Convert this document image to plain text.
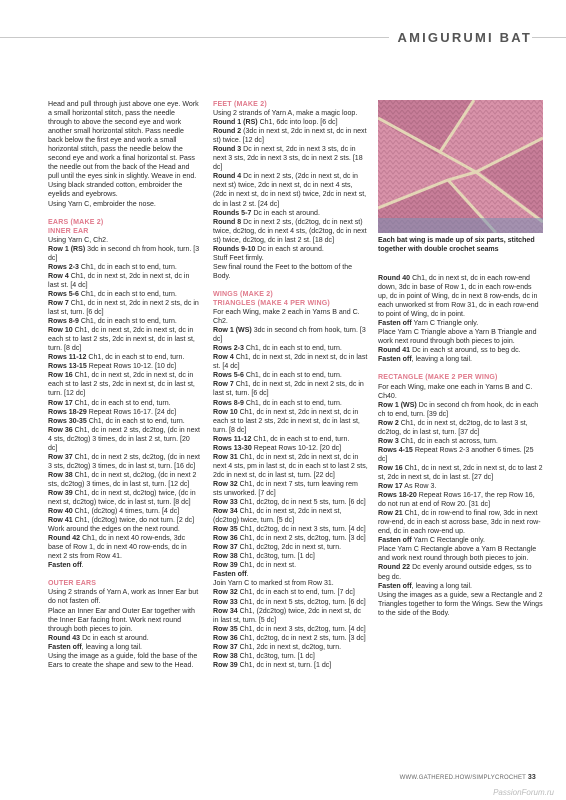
AMIGURUMI BAT

Head and pull through just above one eye. Work a small horizontal stitch, pass the needle through to above the second eye and work another small horizontal stitch. Pass needle back below the first eye and work a small horizontal stitch, pass the needle below the second eye and work a final horizontal st. Pass the needle out from the back of the Head and pull until the eyes sink in slightly. Weave in end. Using black stranded cotton, embroider the eyelids and eyebrows.

Using Yarn C, embroider the nose.

EARS (MAKE 2)

INNER EAR

Using Yarn C, Ch2.

Row 1 (RS) 3dc in second ch from hook, turn. [3 dc]

Rows 2-3 Ch1, dc in each st to end, turn.

Row 4 Ch1, dc in next st, 2dc in next st, dc in last st. [4 dc]

Rows 5-6 Ch1, dc in each st to end, turn.

Row 7 Ch1, dc in next st, 2dc in next 2 sts, dc in last st, turn. [6 dc]

Rows 8-9 Ch1, dc in each st to end, turn.

Row 10 Ch1, dc in next st, 2dc in next st, dc in each st to last 2 sts, 2dc in next st, dc in last st, turn. [8 dc]

Rows 11-12 Ch1, dc in each st to end, turn.

Rows 13-15 Repeat Rows 10-12. [10 dc]

Row 16 Ch1, dc in next st, 2dc in next st, dc in each st to last 2 sts, 2dc in next st, dc in last st, turn. [12 dc]

Row 17 Ch1, dc in each st to end, turn.

Rows 18-29 Repeat Rows 16-17. [24 dc]

Rows 30-35 Ch1, dc in each st to end, turn.

Row 36 Ch1, dc in next 2 sts, dc2tog, (dc in next 4 sts, dc2tog) 3 times, dc in last 2 st, turn. [20 dc]

Row 37 Ch1, dc in next 2 sts, dc2tog, (dc in next 3 sts, dc2tog) 3 times, dc in last st, turn. [16 dc]

Row 38 Ch1, dc in next st, dc2tog, (dc in next 2 sts, dc2tog) 3 times, dc in last st, turn. [12 dc]

Row 39 Ch1, dc in next st, dc2tog) twice, (dc in next st, dc2tog) twice, dc in last st, turn. [8 dc]

Row 40 Ch1, (dc2tog) 4 times, turn. [4 dc]

Row 41 Ch1, (dc2tog) twice, do not turn. [2 dc]

Work around the edges on the next round.

Round 42 Ch1, dc in next 40 row-ends, 3dc base of Row 1, dc in next 40 row-ends, dc in next 2 sts from Row 41.

Fasten off.

OUTER EARS

Using 2 strands of Yarn A, work as Inner Ear but do not fasten off.

Place an Inner Ear and Outer Ear together with the Inner Ear facing front. Work next round through both pieces to join.

Round 43 Dc in each st around.

Fasten off, leaving a long tail.

Using the image as a guide, fold the base of the Ears to create the shape and sew to the Head.

FEET (MAKE 2)

Using 2 strands of Yarn A, make a magic loop.

Round 1 (RS) Ch1, 6dc into loop. [6 dc]

Round 2 (3dc in next st, 2dc in next st, dc in next st) twice. [12 dc]

Round 3 Dc in next st, 2dc in next 3 sts, dc in next 3 sts, 2dc in next 3 sts, dc in next 2 sts. [18 dc]

Round 4 Dc in next 2 sts, (2dc in next st, dc in next st) twice, 2dc in next st, dc in next 4 sts, (2dc in next st, dc in next st) twice, 2dc in next st, dc in last 2 st. [24 dc]

Rounds 5-7 Dc in each st around.

Round 8 Dc in next 2 sts, (dc2tog, dc in next st) twice, dc2tog, dc in next 4 sts, (dc2tog, dc in next st) twice, dc2tog, dc in last 2 st. [18 dc]

Rounds 9-10 Dc in each st around.

Stuff Feet firmly.

Sew final round the Feet to the bottom of the Body.

WINGS (MAKE 2)

TRIANGLES (MAKE 4 PER WING)

For each Wing, make 2 each in Yarns B and C.

Ch2.

Row 1 (WS) 3dc in second ch from hook, turn. [3 dc]

Rows 2-3 Ch1, dc in each st to end, turn.

Row 4 Ch1, dc in next st, 2dc in next st, dc in last st. [4 dc]

Rows 5-6 Ch1, dc in each st to end, turn.

Row 7 Ch1, dc in next st, 2dc in next 2 sts, dc in last st, turn. [6 dc]

Rows 8-9 Ch1, dc in each st to end, turn.

Row 10 Ch1, dc in next st, 2dc in next st, dc in each st to last 2 sts, 2dc in next st, dc in last st, turn. [8 dc]

Rows 11-12 Ch1, dc in each st to end, turn.

Rows 13-30 Repeat Rows 10-12. [20 dc]

Row 31 Ch1, dc in next st, 2dc in next st, dc in next 4 sts, pm in last st, dc in each st to last 2 sts, 2dc in next st, dc in last st, turn. [22 dc]

Row 32 Ch1, dc in next 7 sts, turn leaving rem sts unworked. [7 dc]

Row 33 Ch1, dc2tog, dc in next 5 sts, turn. [6 dc]

Row 34 Ch1, dc in next st, 2dc in next st, (dc2tog) twice, turn. [5 dc]

Row 35 Ch1, dc2tog, dc in next 3 sts, turn. [4 dc]

Row 36 Ch1, dc in next 2 sts, dc2tog, turn. [3 dc]

Row 37 Ch1, dc2tog, 2dc in next st, turn.

Row 38 Ch1, dc3tog, turn. [1 dc]

Row 39 Ch1, dc in next st.

Fasten off.

Join Yarn C to marked st from Row 31.

Row 32 Ch1, dc in each st to end, turn. [7 dc]

Row 33 Ch1, dc in next 5 sts, dc2tog, turn. [6 dc]

Row 34 Ch1, (2dc2tog) twice, 2dc in next st, dc in last st, turn. [5 dc]

Row 35 Ch1, dc in next 3 sts, dc2tog, turn. [4 dc]

Row 36 Ch1, dc2tog, dc in next 2 sts, turn. [3 dc]

Row 37 Ch1, 2dc in next st, dc2tog, turn.

Row 38 Ch1, dc3tog, turn. [1 dc]

Row 39 Ch1, dc in next st, turn. [1 dc]

Each bat wing is made up of six parts, stitched together with double crochet seams

Round 40 Ch1, dc in next st, dc in each row-end down, 3dc in base of Row 1, dc in each row-ends up, dc in point of Wing, dc in next 8 row-ends, dc in each unworked st from Row 31, dc in each row-end to point of Wing, dc in point.

Fasten off Yarn C Triangle only.

Place Yarn C Triangle above a Yarn B Triangle and work next round through both pieces to join.

Round 41 Dc in each st around, ss to beg dc.

Fasten off, leaving a long tail.

RECTANGLE (MAKE 2 PER WING)

For each Wing, make one each in Yarns B and C. Ch40.

Row 1 (WS) Dc in second ch from hook, dc in each ch to end, turn. [39 dc]

Row 2 Ch1, dc in next st, dc2tog, dc to last 3 st, dc2tog, dc in last st, turn. [37 dc]

Row 3 Ch1, dc in each st across, turn.

Rows 4-15 Repeat Rows 2-3 another 6 times. [25 dc]

Row 16 Ch1, dc in next st, 2dc in next st, dc to last 2 st, 2dc in next st, dc in last st. [27 dc]

Row 17 As Row 3.

Rows 18-20 Repeat Rows 16-17, the rep Row 16, do not run at end of Row 20. [31 dc]

Row 21 Ch1, dc in row-end to final row, 3dc in next row-end, dc in each st across base, 3dc in next row-end, dc in each row-end up.

Fasten off Yarn C Rectangle only.

Place Yarn C Rectangle above a Yarn B Rectangle and work next round through both pieces to join.

Round 22 Dc evenly around outside edges, ss to beg dc.

Fasten off, leaving a long tail.

Using the images as a guide, sew a Rectangle and 2 Triangles together to form the Wings. Sew the Wings to the side of the Body.

WWW.GATHERED.HOW/SIMPLYCROCHET 33
PassionForum.ru
